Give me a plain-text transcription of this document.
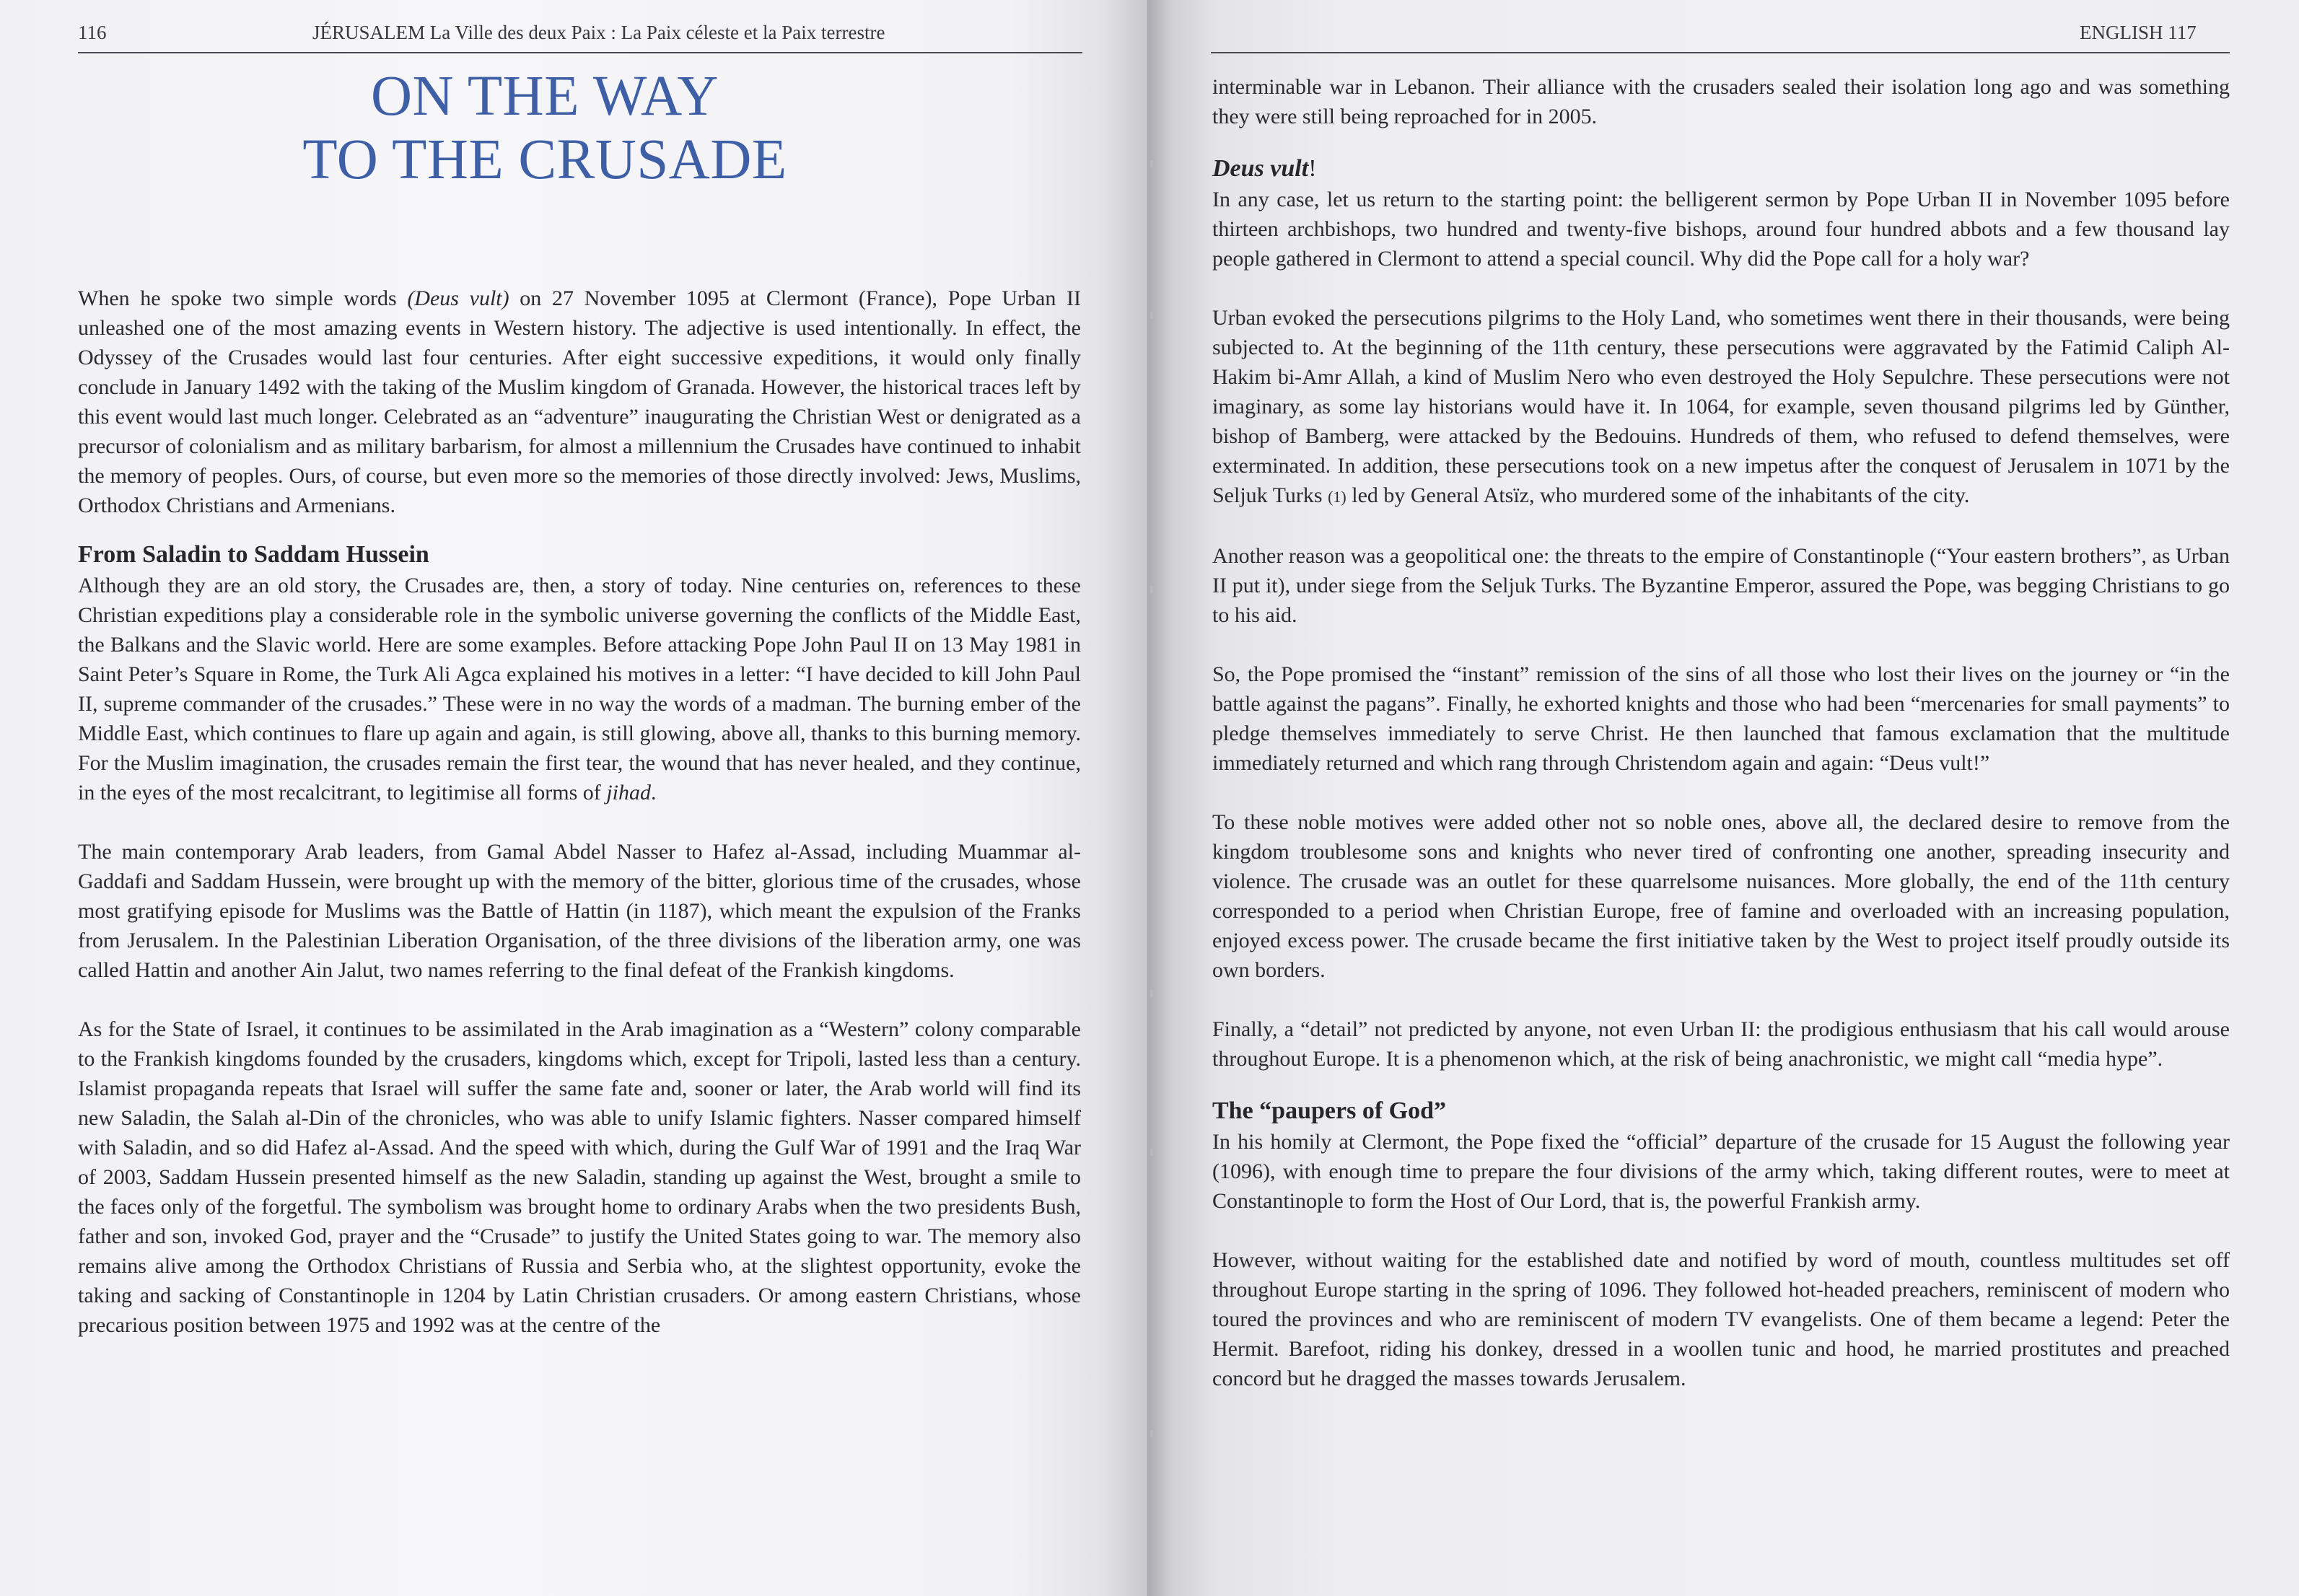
116	JÉRUSALEM La Ville des deux Paix : La Paix céleste et la Paix terrestre
ON THE WAY
TO THE CRUSADE

When he spoke two simple words (Deus vult) on 27 November 1095 at Clermont (France), Pope Urban II unleashed one of the most amazing events in Western history. The adjective is used intentionally. In effect, the Odyssey of the Crusades would last four centuries. After eight successive expeditions, it would only finally conclude in January 1492 with the taking of the Muslim kingdom of Granada. However, the historical traces left by this event would last much longer. Celebrated as an “adventure” inaugurating the Christian West or denigrated as a precursor of colonialism and as military barbarism, for almost a millennium the Crusades have continued to inhabit the memory of peoples. Ours, of course, but even more so the memories of those directly involved: Jews, Muslims, Orthodox Christians and Armenians.

From Saladin to Saddam Hussein

Although they are an old story, the Crusades are, then, a story of today. Nine centuries on, references to these Christian expeditions play a considerable role in the symbolic universe governing the conflicts of the Middle East, the Balkans and the Slavic world. Here are some examples. Before attacking Pope John Paul II on 13 May 1981 in Saint Peter’s Square in Rome, the Turk Ali Agca explained his motives in a letter: “I have decided to kill John Paul II, supreme commander of the crusades.” These were in no way the words of a madman. The burning ember of the Middle East, which continues to flare up again and again, is still glowing, above all, thanks to this burning memory. For the Muslim imagination, the crusades remain the first tear, the wound that has never healed, and they continue, in the eyes of the most recalcitrant, to legitimise all forms of jihad.

The main contemporary Arab leaders, from Gamal Abdel Nasser to Hafez al-Assad, including Muammar al-Gaddafi and Saddam Hussein, were brought up with the memory of the bitter, glorious time of the crusades, whose most gratifying episode for Muslims was the Battle of Hattin (in 1187), which meant the expulsion of the Franks from Jerusalem. In the Palestinian Liberation Organisation, of the three divisions of the liberation army, one was called Hattin and another Ain Jalut, two names referring to the final defeat of the Frankish kingdoms.

As for the State of Israel, it continues to be assimilated in the Arab imagination as a “Western” colony comparable to the Frankish kingdoms founded by the crusaders, kingdoms which, except for Tripoli, lasted less than a century. Islamist propaganda repeats that Israel will suffer the same fate and, sooner or later, the Arab world will find its new Saladin, the Salah al-Din of the chronicles, who was able to unify Islamic fighters. Nasser compared himself with Saladin, and so did Hafez al-Assad. And the speed with which, during the Gulf War of 1991 and the Iraq War of 2003, Saddam Hussein presented himself as the new Saladin, standing up against the West, brought a smile to the faces only of the forgetful. The symbolism was brought home to ordinary Arabs when the two presidents Bush, father and son, invoked God, prayer and the “Crusade” to justify the United States going to war. The memory also remains alive among the Orthodox Christians of Russia and Serbia who, at the slightest opportunity, evoke the taking and sacking of Constantinople in 1204 by Latin Christian crusaders. Or among eastern Christians, whose precarious position between 1975 and 1992 was at the centre of the

ENGLISH 117

interminable war in Lebanon. Their alliance with the crusaders sealed their isolation long ago and was something they were still being reproached for in 2005.

Deus vult!

In any case, let us return to the starting point: the belligerent sermon by Pope Urban II in November 1095 before thirteen archbishops, two hundred and twenty-five bishops, around four hundred abbots and a few thousand lay people gathered in Clermont to attend a special council. Why did the Pope call for a holy war?

Urban evoked the persecutions pilgrims to the Holy Land, who sometimes went there in their thousands, were being subjected to. At the beginning of the 11th century, these persecutions were aggravated by the Fatimid Caliph Al-Hakim bi-Amr Allah, a kind of Muslim Nero who even destroyed the Holy Sepulchre. These persecutions were not imaginary, as some lay historians would have it. In 1064, for example, seven thousand pilgrims led by Günther, bishop of Bamberg, were attacked by the Bedouins. Hundreds of them, who refused to defend themselves, were exterminated. In addition, these persecutions took on a new impetus after the conquest of Jerusalem in 1071 by the Seljuk Turks (1) led by General Atsïz, who murdered some of the inhabitants of the city.

Another reason was a geopolitical one: the threats to the empire of Constantinople (“Your eastern brothers”, as Urban II put it), under siege from the Seljuk Turks. The Byzantine Emperor, assured the Pope, was begging Christians to go to his aid.

So, the Pope promised the “instant” remission of the sins of all those who lost their lives on the journey or “in the battle against the pagans”. Finally, he exhorted knights and those who had been “mercenaries for small payments” to pledge themselves immediately to serve Christ. He then launched that famous exclamation that the multitude immediately returned and which rang through Christendom again and again: “Deus vult!”

To these noble motives were added other not so noble ones, above all, the declared desire to remove from the kingdom troublesome sons and knights who never tired of confronting one another, spreading insecurity and violence. The crusade was an outlet for these quarrelsome nuisances. More globally, the end of the 11th century corresponded to a period when Christian Europe, free of famine and overloaded with an increasing population, enjoyed excess power. The crusade became the first initiative taken by the West to project itself proudly outside its own borders.

Finally, a “detail” not predicted by anyone, not even Urban II: the prodigious enthusiasm that his call would arouse throughout Europe. It is a phenomenon which, at the risk of being anachronistic, we might call “media hype”.

The “paupers of God”

In his homily at Clermont, the Pope fixed the “official” departure of the crusade for 15 August the following year (1096), with enough time to prepare the four divisions of the army which, taking different routes, were to meet at Constantinople to form the Host of Our Lord, that is, the powerful Frankish army.

However, without waiting for the established date and notified by word of mouth, countless multitudes set off throughout Europe starting in the spring of 1096. They followed hot-headed preachers, reminiscent of modern who toured the provinces and who are reminiscent of modern TV evangelists. One of them became a legend: Peter the Hermit. Barefoot, riding his donkey, dressed in a woollen tunic and hood, he married prostitutes and preached concord but he dragged the masses towards Jerusalem.
